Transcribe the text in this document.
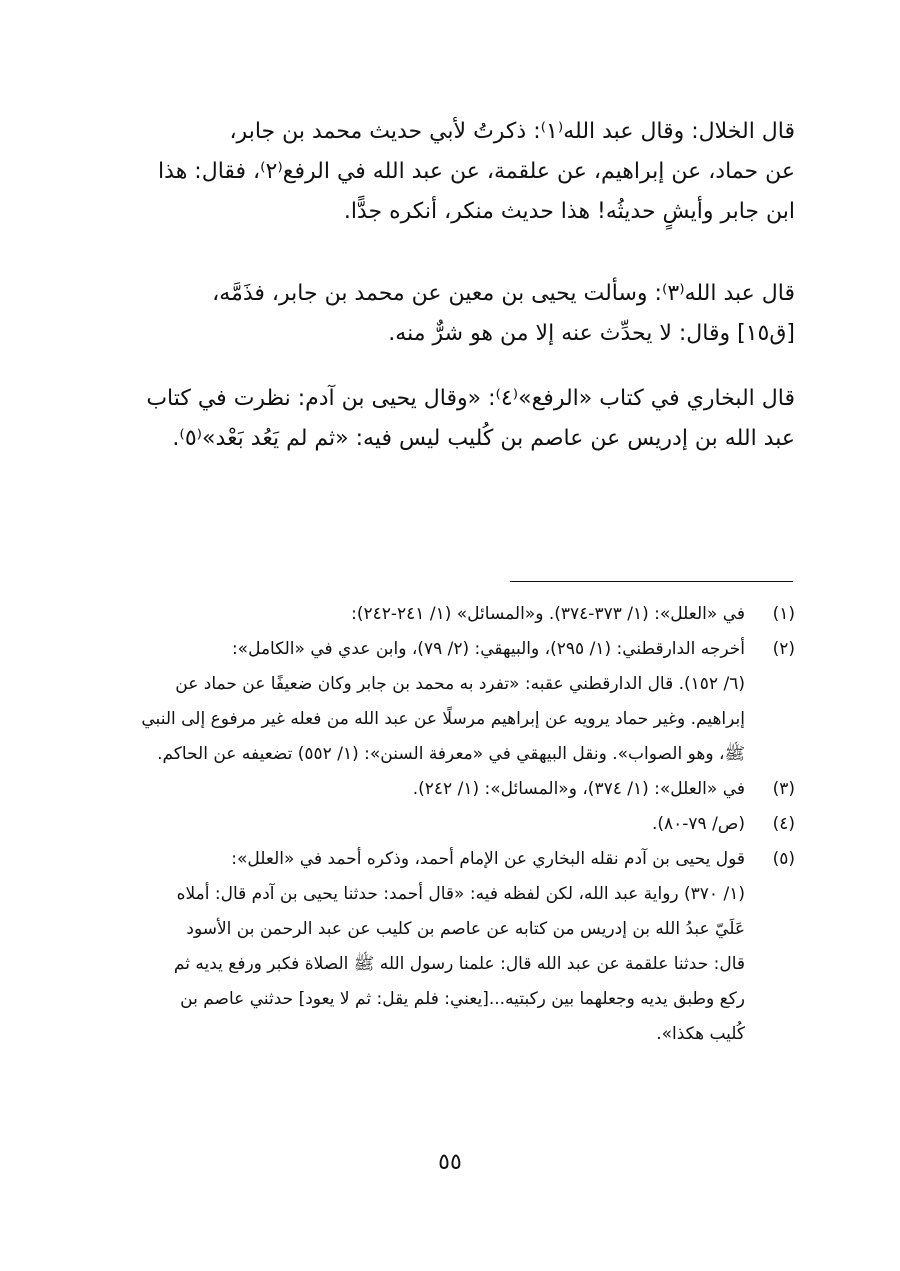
قال الخلال: وقال عبد الله⁽١⁾: ذكرتُ لأبي حديث محمد بن جابر،
عن حماد، عن إبراهيم، عن علقمة، عن عبد الله في الرفع⁽٢⁾، فقال: هذا
ابن جابر وأيشٍ حديثُه! هذا حديث منكر، أنكره جدًّا.
قال عبد الله⁽٣⁾: وسألت يحيى بن معين عن محمد بن جابر، فذَمَّه،
[ق١٥] وقال: لا يحدِّث عنه إلا من هو شرٌّ منه.
قال البخاري في كتاب «الرفع»⁽٤⁾: «وقال يحيى بن آدم: نظرت في كتاب
عبد الله بن إدريس عن عاصم بن كُليب ليس فيه: «ثم لم يَعُد بَعْد»⁽٥⁾.
(١)
في «العلل»: (١/ ٣٧٣-٣٧٤). و«المسائل» (١/ ٢٤١-٢٤٢):
(٢)
أخرجه الدارقطني: (١/ ٢٩٥)، والبيهقي: (٢/ ٧٩)، وابن عدي في «الكامل»:
(٦/ ١٥٢). قال الدارقطني عقبه: «تفرد به محمد بن جابر وكان ضعيفًا عن حماد عن
إبراهيم. وغير حماد يرويه عن إبراهيم مرسلًا عن عبد الله من فعله غير مرفوع إلى النبي
ﷺ، وهو الصواب». ونقل البيهقي في «معرفة السنن»: (١/ ٥٥٢) تضعيفه عن الحاكم.
(٣)
في «العلل»: (١/ ٣٧٤)، و«المسائل»: (١/ ٢٤٢).
(٤)
(ص/ ٧٩-٨٠).
(٥)
قول يحيى بن آدم نقله البخاري عن الإمام أحمد، وذكره أحمد في «العلل»:
(١/ ٣٧٠) رواية عبد الله، لكن لفظه فيه: «قال أحمد: حدثنا يحيى بن آدم قال: أملاه
عَلَيّ عبدُ الله بن إدريس من كتابه عن عاصم بن كليب عن عبد الرحمن بن الأسود
قال: حدثنا علقمة عن عبد الله قال: علمنا رسول الله ﷺ الصلاة فكبر ورفع يديه ثم
ركع وطبق يديه وجعلهما بين ركبتيه...[يعني: فلم يقل: ثم لا يعود] حدثني عاصم بن
كُليب هكذا».
٥٥
